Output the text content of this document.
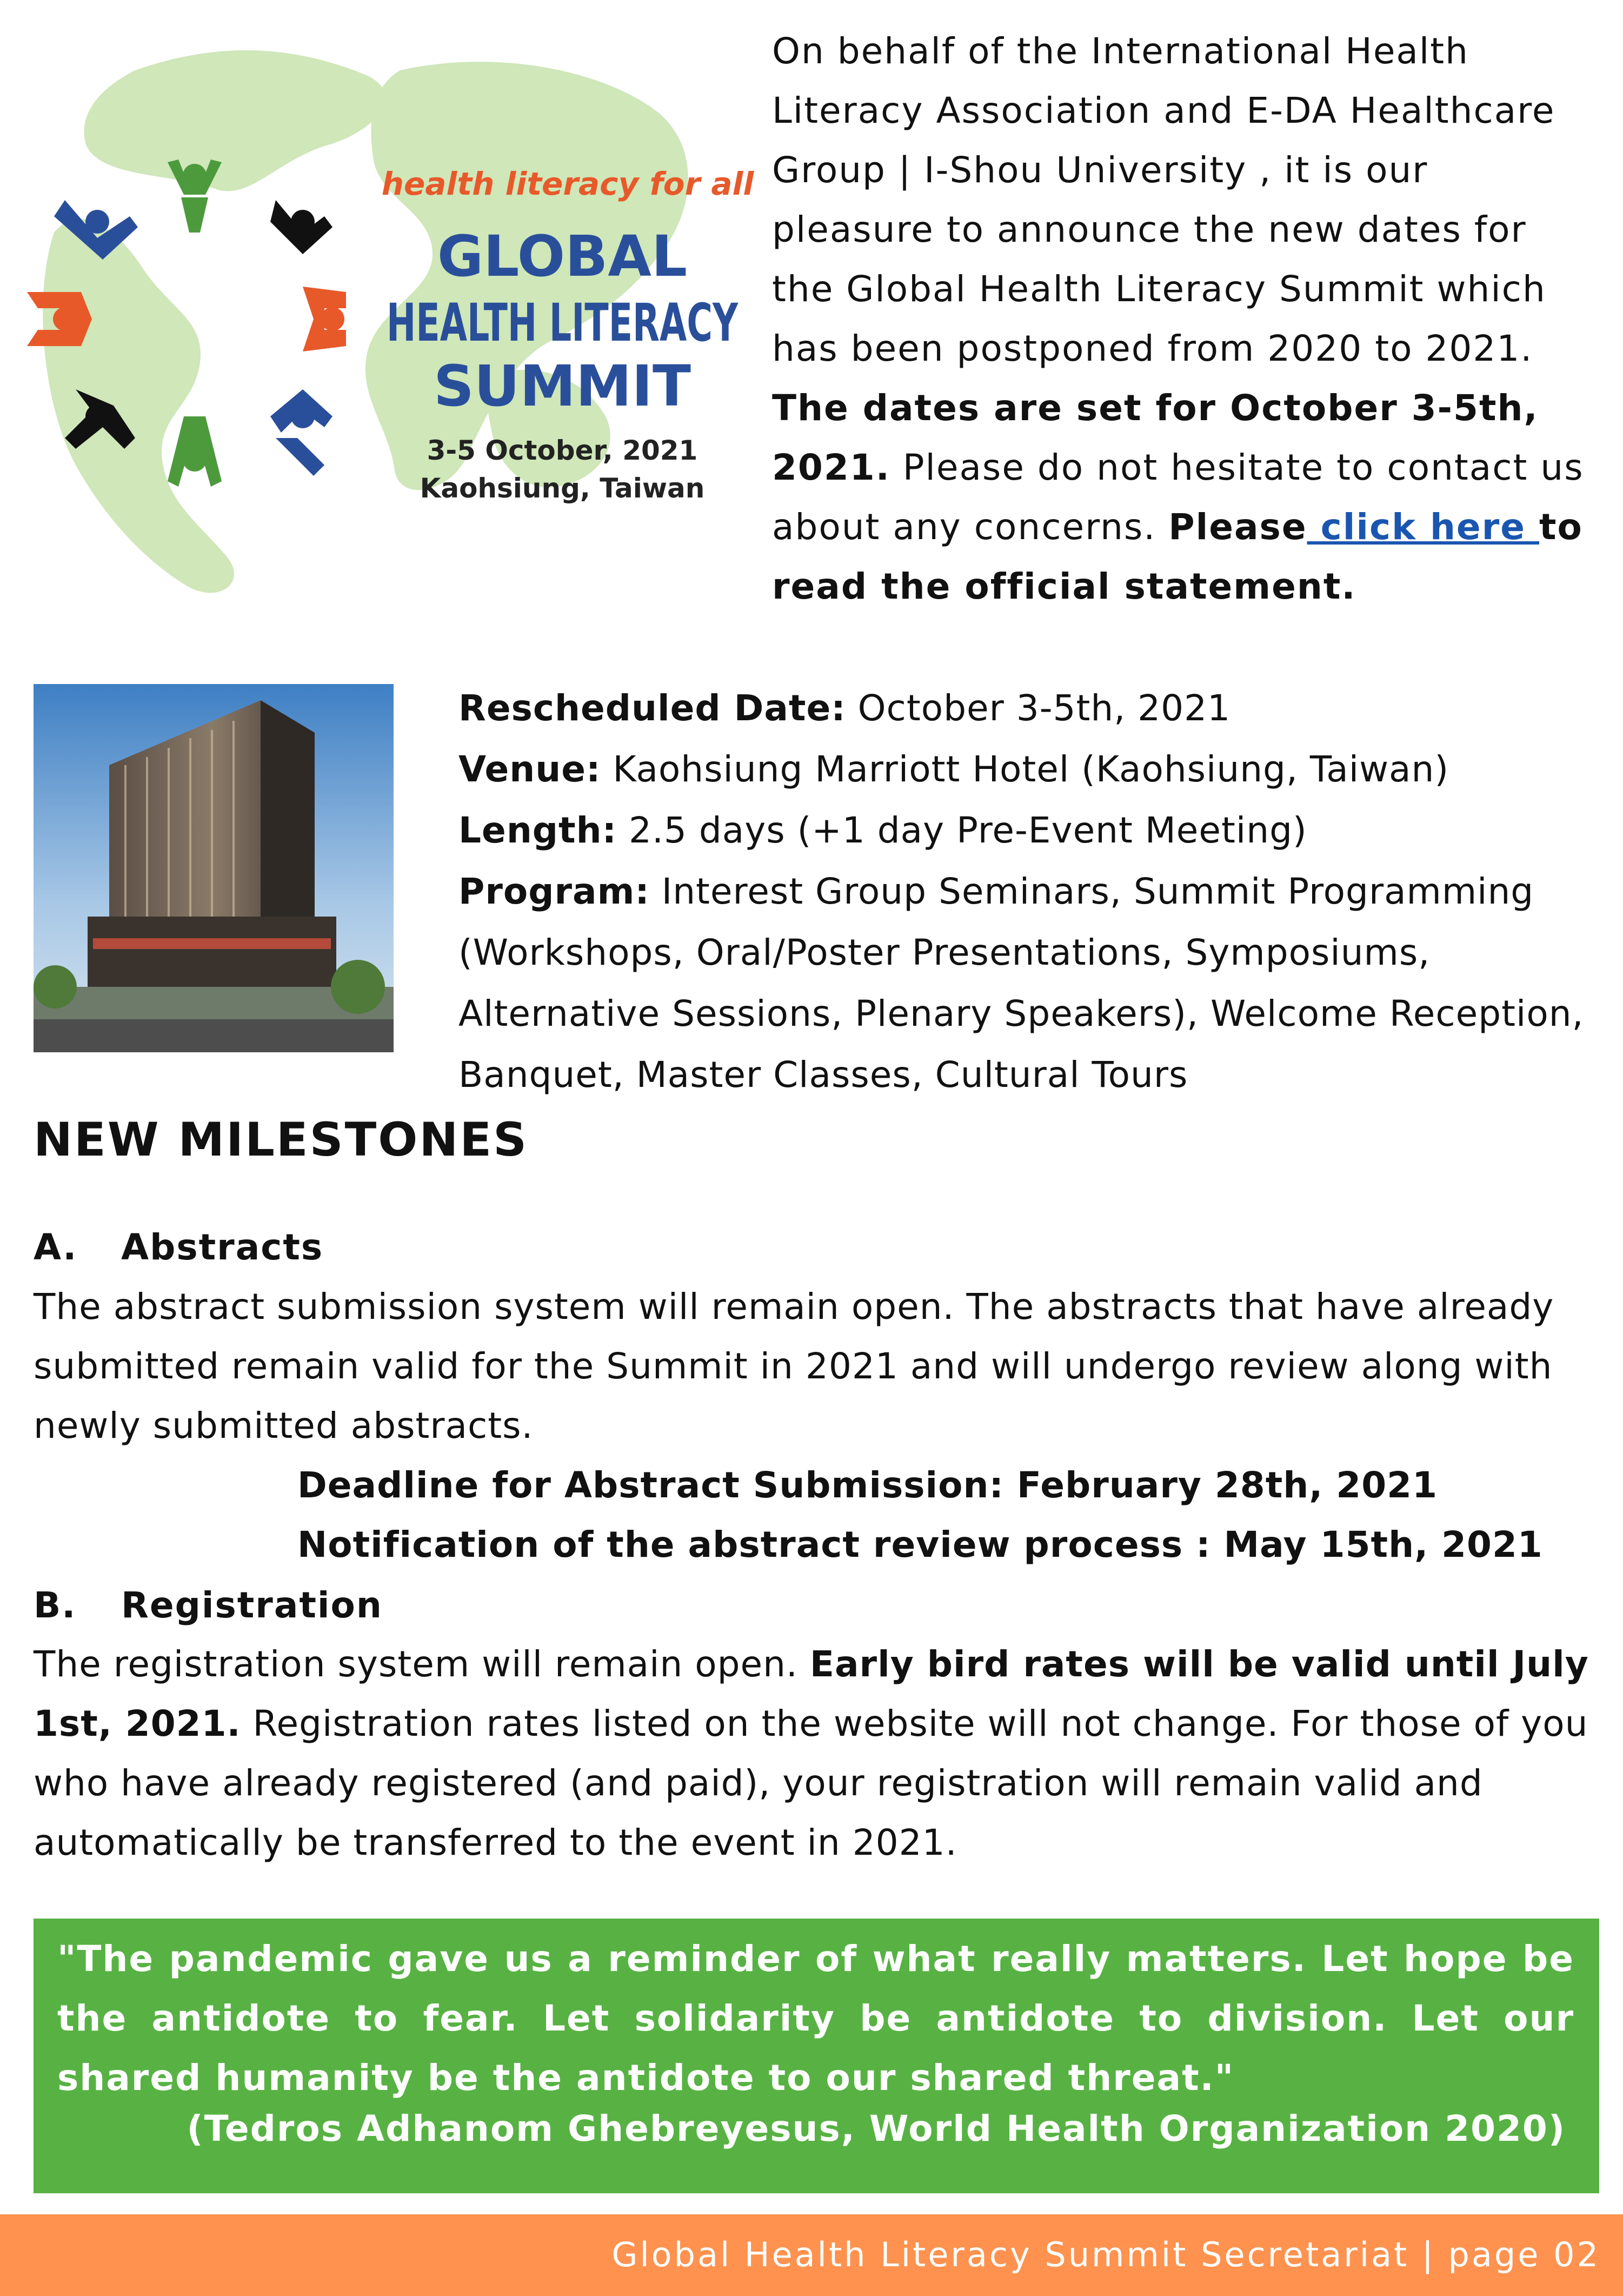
health literacy for all
GLOBAL
HEALTH LITERACY
SUMMIT
3-5 October, 2021
Kaohsiung, Taiwan
On behalf of the International Health Literacy Association and E-DA Healthcare Group | I-Shou University , it is our pleasure to announce the new dates for the Global Health Literacy Summit which has been postponed from 2020 to 2021. The dates are set for October 3-5th, 2021. Please do not hesitate to contact us about any concerns. Please click here to read the official statement.

Rescheduled Date: October 3-5th, 2021

Venue: Kaohsiung Marriott Hotel (Kaohsiung, Taiwan)

Length: 2.5 days (+1 day Pre-Event Meeting)

Program: Interest Group Seminars, Summit Programming (Workshops, Oral/Poster Presentations, Symposiums, Alternative Sessions, Plenary Speakers), Welcome Reception, Banquet, Master Classes, Cultural Tours

NEW MILESTONES
A. Abstracts
The abstract submission system will remain open. The abstracts that have already submitted remain valid for the Summit in 2021 and will undergo review along with newly submitted abstracts.
Deadline for Abstract Submission: February 28th, 2021
Notification of the abstract review process : May 15th, 2021
B. Registration
The registration system will remain open. Early bird rates will be valid until July 1st, 2021. Registration rates listed on the website will not change. For those of you who have already registered (and paid), your registration will remain valid and automatically be transferred to the event in 2021.
"The pandemic gave us a reminder of what really matters. Let hope be the antidote to fear. Let solidarity be antidote to division. Let our shared humanity be the antidote to our shared threat."
(Tedros Adhanom Ghebreyesus, World Health Organization 2020)
Global Health Literacy Summit Secretariat | page 02
